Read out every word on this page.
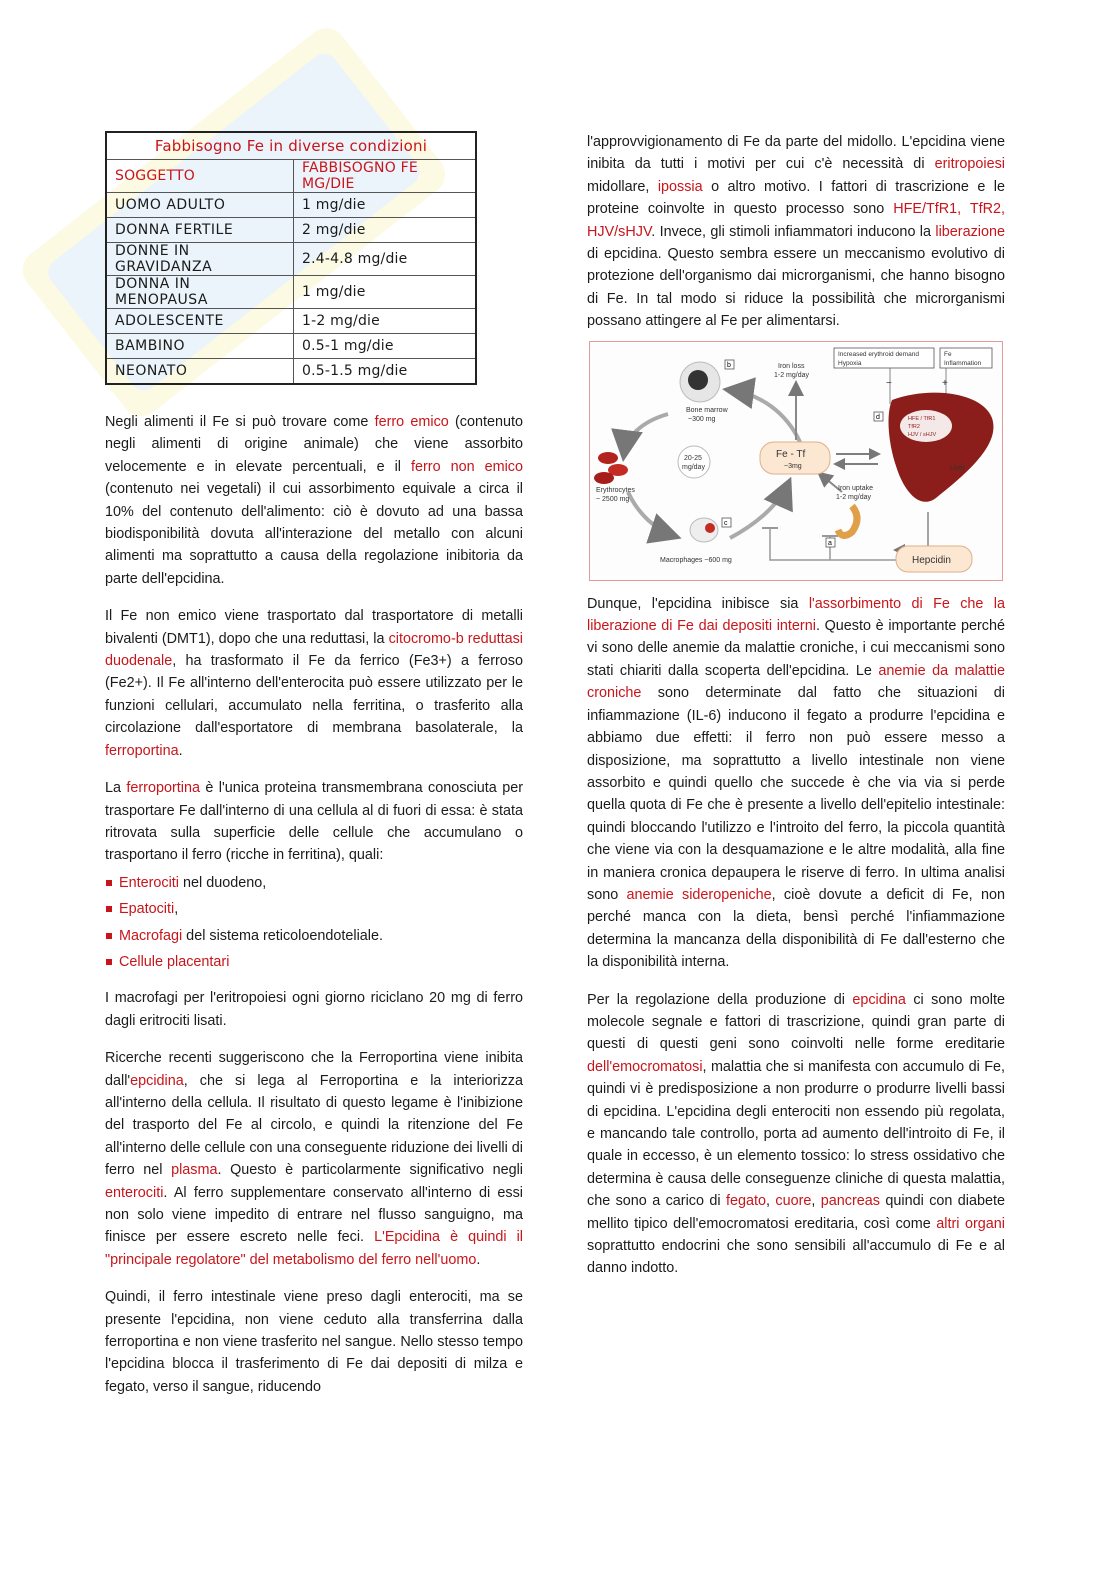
Fabbisogno Fe in diverse condizioni	
SOGGETTO	FABBISOGNO FE MG/DIE
UOMO ADULTO	1 mg/die
DONNA FERTILE	2 mg/die
DONNE IN GRAVIDANZA	2.4-4.8 mg/die
DONNA IN MENOPAUSA	1 mg/die
ADOLESCENTE	1-2 mg/die
BAMBINO	0.5-1 mg/die
NEONATO	0.5-1.5 mg/die

Negli alimenti il Fe si può trovare come ferro emico (contenuto negli alimenti di origine animale) che viene assorbito velocemente e in elevate percentuali, e il ferro non emico (contenuto nei vegetali) il cui assorbimento equivale a circa il 10% del contenuto dell'alimento: ciò è dovuto ad una bassa biodisponibilità dovuta all'interazione del metallo con alcuni alimenti ma soprattutto a causa della regolazione inibitoria da parte dell'epcidina.

Il Fe non emico viene trasportato dal trasportatore di metalli bivalenti (DMT1), dopo che una reduttasi, la citocromo-b reduttasi duodenale, ha trasformato il Fe da ferrico (Fe3+) a ferroso (Fe2+). Il Fe all'interno dell'enterocita può essere utilizzato per le funzioni cellulari, accumulato nella ferritina, o trasferito alla circolazione dall'esportatore di membrana basolaterale, la ferroportina.

La ferroportina è l'unica proteina transmembrana conosciuta per trasportare Fe dall'interno di una cellula al di fuori di essa: è stata ritrovata sulla superficie delle cellule che accumulano o trasportano il ferro (ricche in ferritina), quali:

Enterociti nel duodeno,
Epatociti,
Macrofagi del sistema reticoloendoteliale.
Cellule placentari

I macrofagi per l'eritropoiesi ogni giorno riciclano 20 mg di ferro dagli eritrociti lisati.

Ricerche recenti suggeriscono che la Ferroportina viene inibita dall'epcidina, che si lega al Ferroportina e la interiorizza all'interno della cellula. Il risultato di questo legame è l'inibizione del trasporto del Fe al circolo, e quindi la ritenzione del Fe all'interno delle cellule con una conseguente riduzione dei livelli di ferro nel plasma. Questo è particolarmente significativo negli enterociti. Al ferro supplementare conservato all'interno di essi non solo viene impedito di entrare nel flusso sanguigno, ma finisce per essere escreto nelle feci. L'Epcidina è quindi il "principale regolatore" del metabolismo del ferro nell'uomo.

Quindi, il ferro intestinale viene preso dagli enterociti, ma se presente l'epcidina, non viene ceduto alla transferrina dalla ferroportina e non viene trasferito nel sangue. Nello stesso tempo l'epcidina blocca il trasferimento di Fe dai depositi di milza e fegato, verso il sangue, riducendo

l'approvvigionamento di Fe da parte del midollo. L'epcidina viene inibita da tutti i motivi per cui c'è necessità di eritropoiesi midollare, ipossia o altro motivo. I fattori di trascrizione e le proteine coinvolte in questo processo sono HFE/TfR1, TfR2, HJV/sHJV. Invece, gli stimoli infiammatori inducono la liberazione di epcidina. Questo sembra essere un meccanismo evolutivo di protezione dell'organismo dai microrganismi, che hanno bisogno di Fe. In tal modo si riduce la possibilità che microrganismi possano attingere al Fe per alimentarsi.

Bone marrow
~300 mg
b	Iron loss
1-2 mg/day
Erythrocytes
~ 2500 mg
20-25
mg/day
Fe - Tf
~3mg
Iron uptake
1-2 mg/day
a
Macrophages ~600 mg
c
Increased erythroid demand
Hypoxia
Fe
Inflammation
−	+
HFE / TfR1
TfR2
HJV / sHJV
Liver
d
Hepcidin

Dunque, l'epcidina inibisce sia l'assorbimento di Fe che la liberazione di Fe dai depositi interni. Questo è importante perché vi sono delle anemie da malattie croniche, i cui meccanismi sono stati chiariti dalla scoperta dell'epcidina. Le anemie da malattie croniche sono determinate dal fatto che situazioni di infiammazione (IL-6) inducono il fegato a produrre l'epcidina e abbiamo due effetti: il ferro non può essere messo a disposizione, ma soprattutto a livello intestinale non viene assorbito e quindi quello che succede è che via via si perde quella quota di Fe che è presente a livello dell'epitelio intestinale: quindi bloccando l'utilizzo e l'introito del ferro, la piccola quantità che viene via con la desquamazione e le altre modalità, alla fine in maniera cronica depaupera le riserve di ferro. In ultima analisi sono anemie sideropeniche, cioè dovute a deficit di Fe, non perché manca con la dieta, bensì perché l'infiammazione determina la mancanza della disponibilità di Fe dall'esterno che la disponibilità interna.

Per la regolazione della produzione di epcidina ci sono molte molecole segnale e fattori di trascrizione, quindi gran parte di questi di questi geni sono coinvolti nelle forme ereditarie dell'emocromatosi, malattia che si manifesta con accumulo di Fe, quindi vi è predisposizione a non produrre o produrre livelli bassi di epcidina. L'epcidina degli enterociti non essendo più regolata, e mancando tale controllo, porta ad aumento dell'introito di Fe, il quale in eccesso, è un elemento tossico: lo stress ossidativo che determina è causa delle conseguenze cliniche di questa malattia, che sono a carico di fegato, cuore, pancreas quindi con diabete mellito tipico dell'emocromatosi ereditaria, così come altri organi soprattutto endocrini che sono sensibili all'accumulo di Fe e al danno indotto.
